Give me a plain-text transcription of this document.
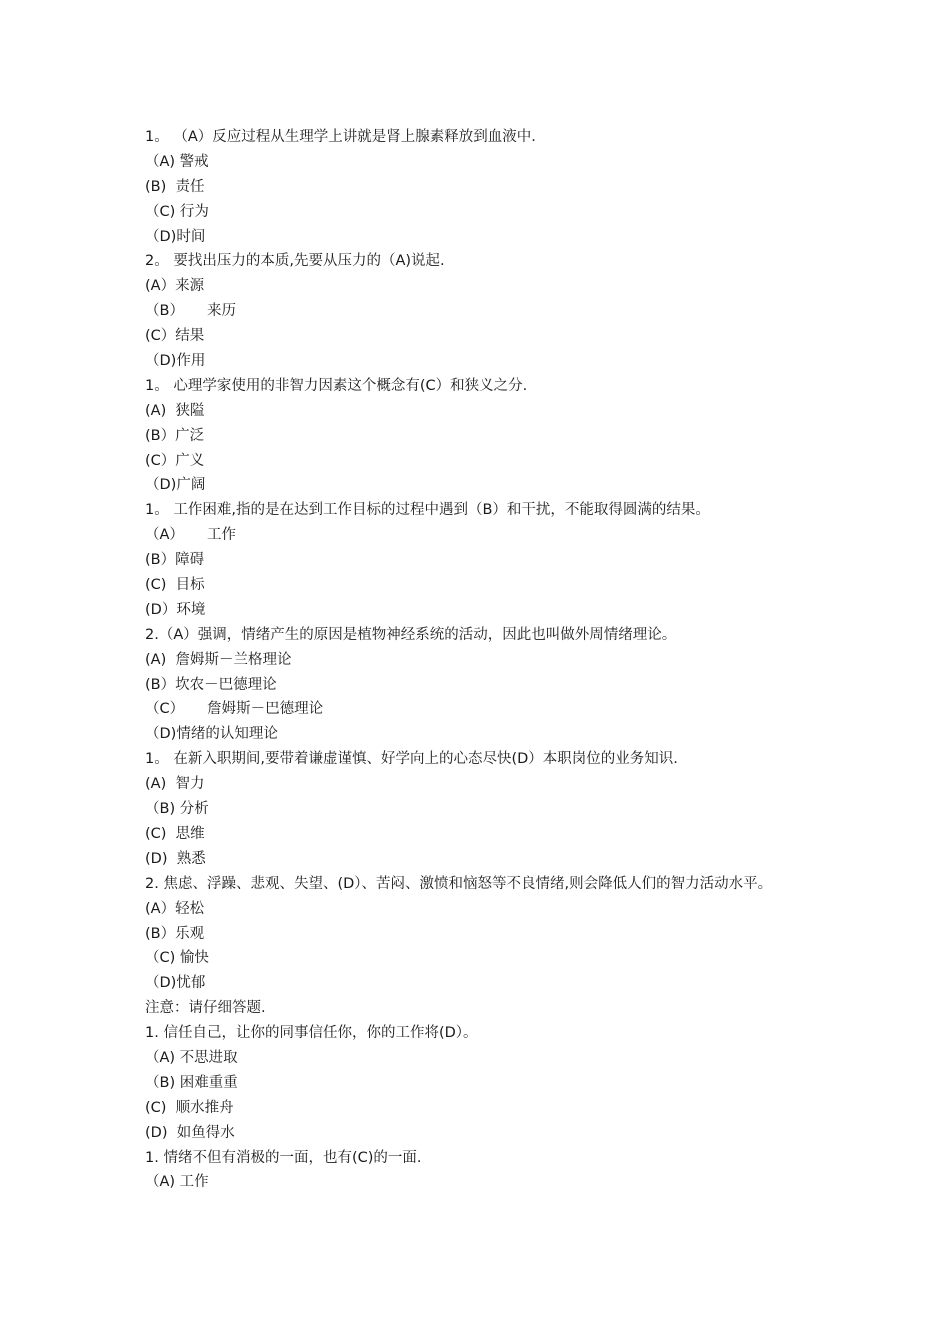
1。 （A）反应过程从生理学上讲就是肾上腺素释放到血液中.
（A) 警戒
(B)  责任
（C) 行为
（D)时间
2。 要找出压力的本质,先要从压力的（A)说起.
(A）来源
（B）     来历
(C）结果
（D)作用
1。 心理学家使用的非智力因素这个概念有(C）和狭义之分.
(A)  狭隘
(B）广泛
(C）广义
（D)广阔
1。 工作困难,指的是在达到工作目标的过程中遇到（B）和干扰，不能取得圆满的结果。
（A）     工作
(B）障碍
(C)  目标
(D）环境
2.（A）强调，情绪产生的原因是植物神经系统的活动，因此也叫做外周情绪理论。
(A)  詹姆斯－兰格理论
(B）坎农－巴德理论
（C）     詹姆斯－巴德理论
（D)情绪的认知理论
1。 在新入职期间,要带着谦虚谨慎、好学向上的心态尽快(D）本职岗位的业务知识.
(A)  智力
（B) 分析
(C)  思维
(D)  熟悉
2. 焦虑、浮躁、悲观、失望、(D）、苦闷、激愤和恼怒等不良情绪,则会降低人们的智力活动水平。
(A）轻松
(B）乐观
（C) 愉快
（D)忧郁
注意：请仔细答题.
1. 信任自己，让你的同事信任你，你的工作将(D）。
（A) 不思进取
（B) 困难重重
(C)  顺水推舟
(D)  如鱼得水
1. 情绪不但有消极的一面，也有(C)的一面.
（A) 工作
